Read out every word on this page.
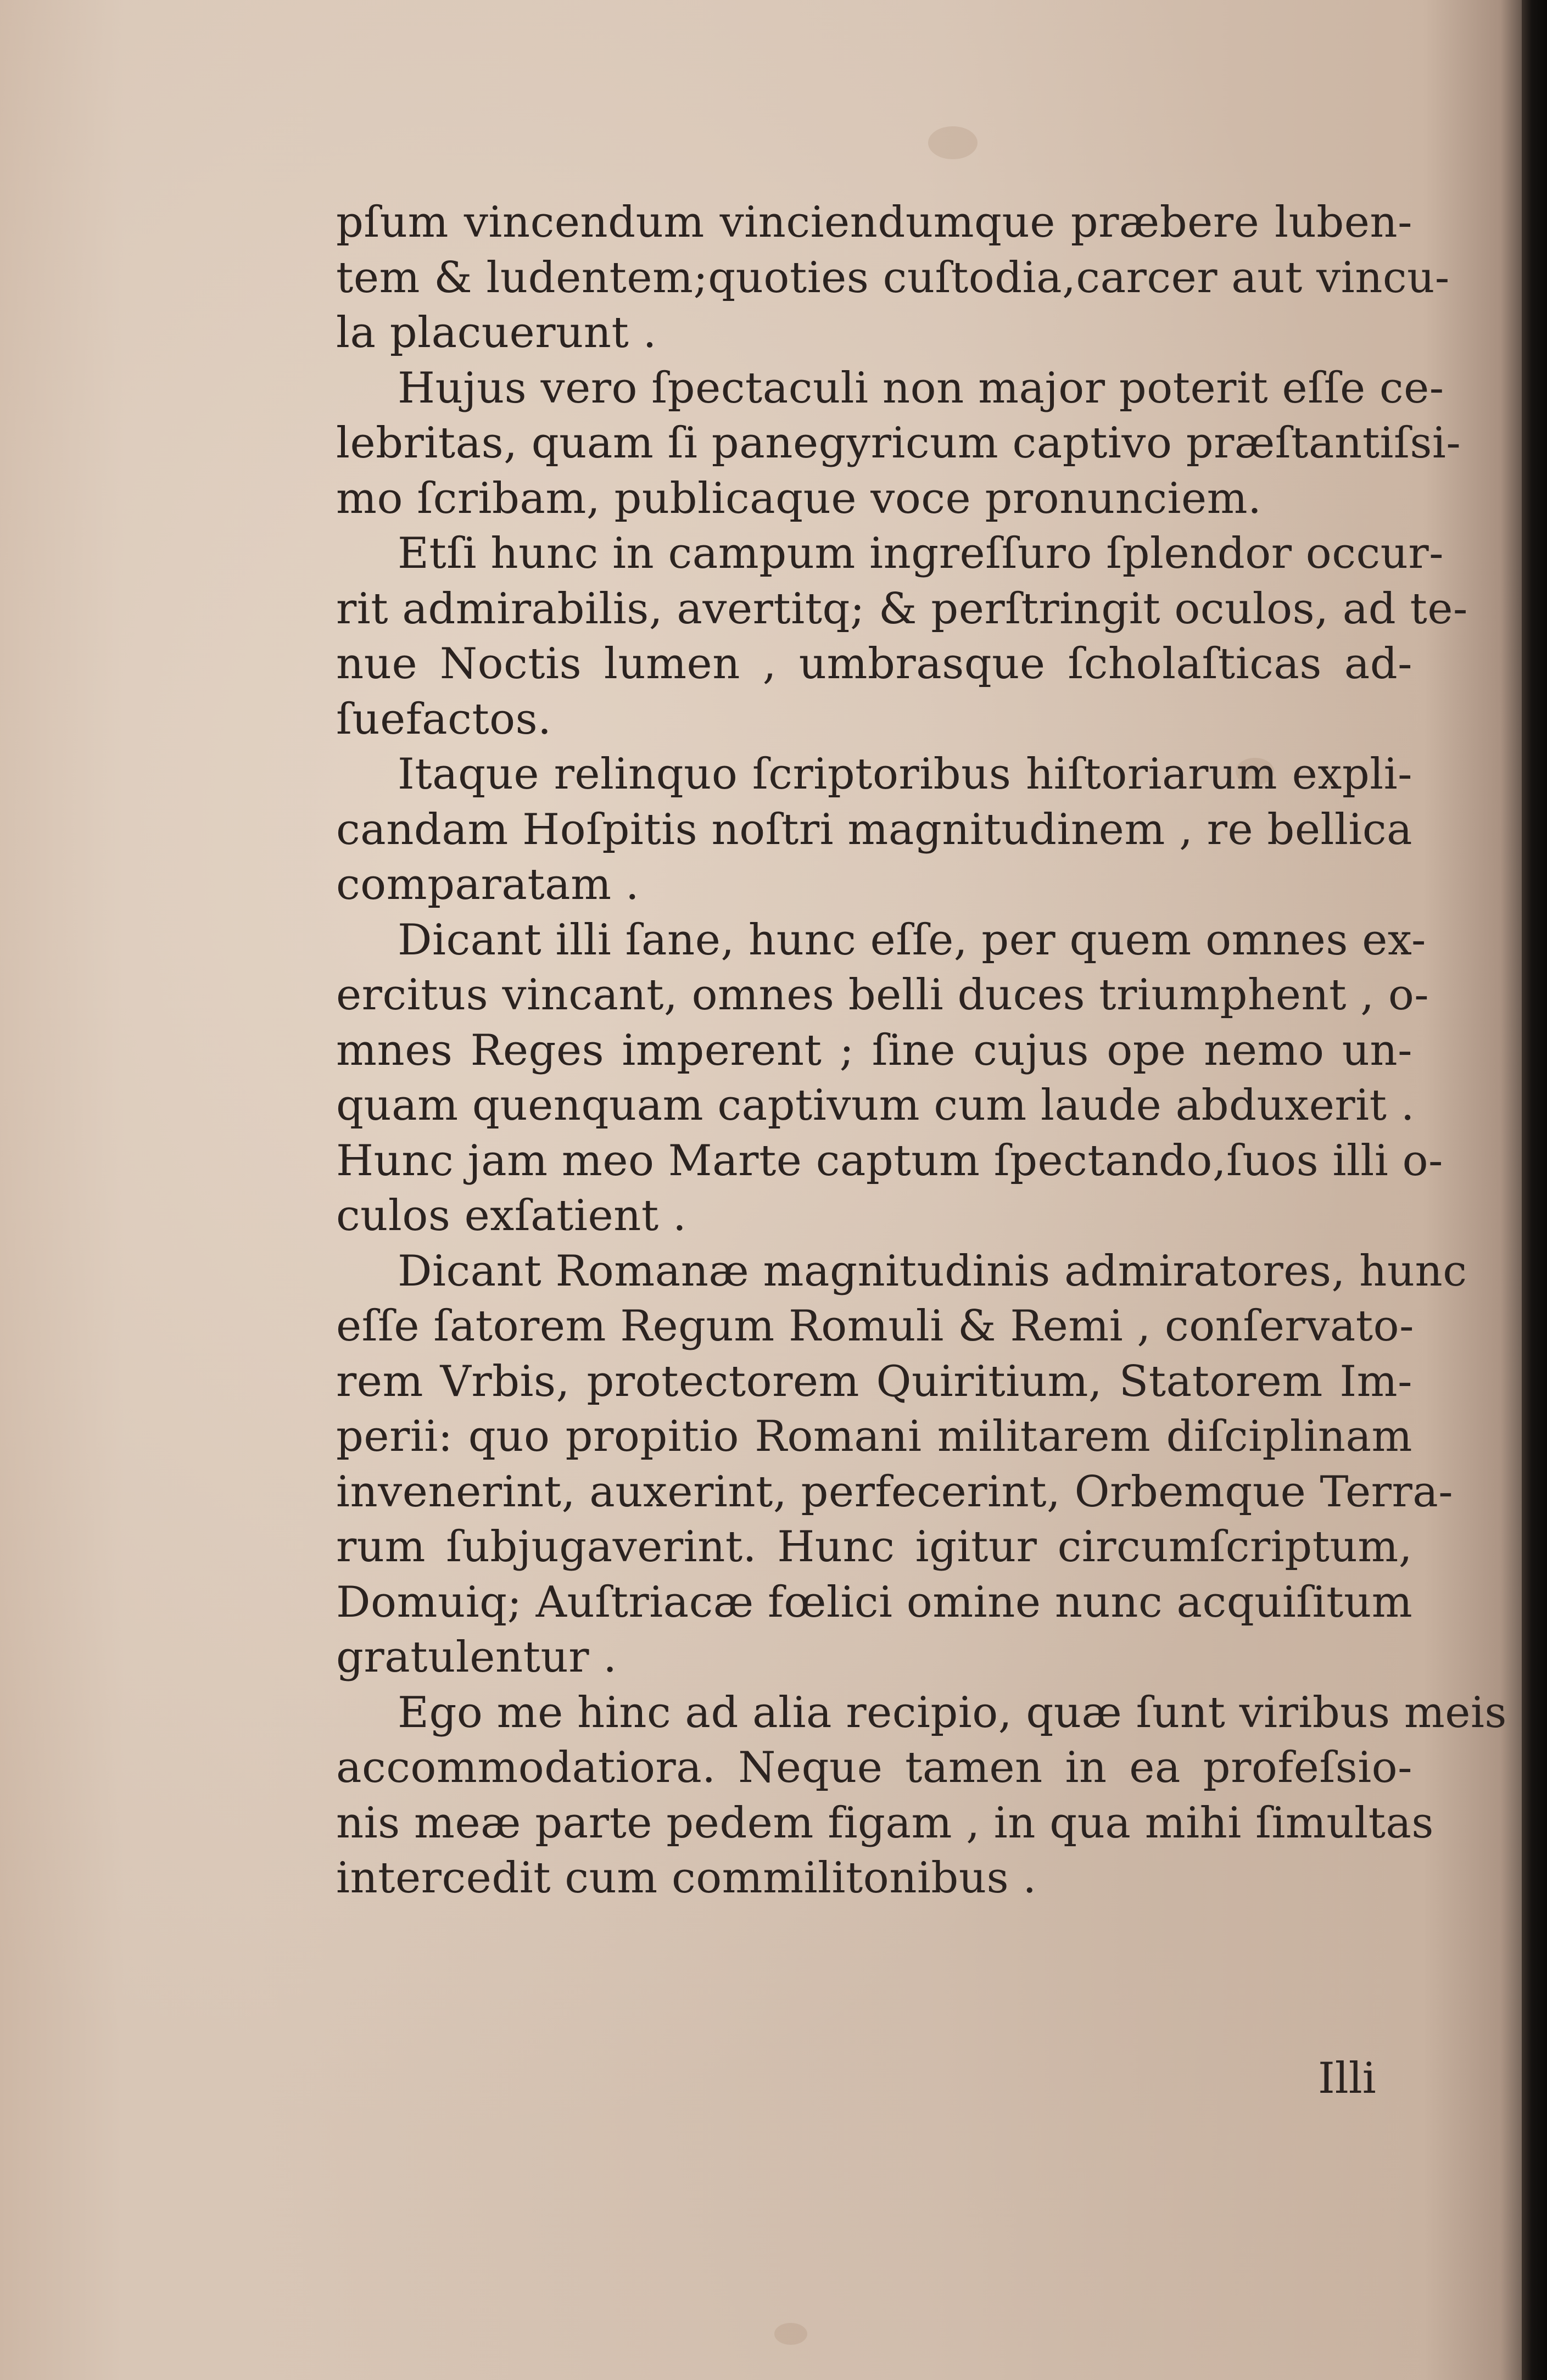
pſum vincendum vinciendumque præbere luben-
tem & ludentem;quoties cuſtodia,carcer aut vincu-
la placuerunt .
Hujus vero ſpectaculi non major poterit eſſe ce-
lebritas, quam ſi panegyricum captivo præſtantiſsi-
mo ſcribam, publicaque voce pronunciem.
Etſi hunc in campum ingreſſuro ſplendor occur-
rit admirabilis, avertitq; & perſtringit oculos, ad te-
nue Noctis lumen , umbrasque ſcholaſticas ad-
ſuefactos.
Itaque relinquo ſcriptoribus hiſtoriarum expli-
candam Hoſpitis noſtri magnitudinem , re bellica
comparatam .
Dicant illi ſane, hunc eſſe, per quem omnes ex-
ercitus vincant, omnes belli duces triumphent , o-
mnes Reges imperent ; ſine cujus ope nemo un-
quam quenquam captivum cum laude abduxerit .
Hunc jam meo Marte captum ſpectando,ſuos illi o-
culos exſatient .
Dicant Romanæ magnitudinis admiratores, hunc
eſſe ſatorem Regum Romuli & Remi , conſervato-
rem Vrbis, protectorem Quiritium, Statorem Im-
perii: quo propitio Romani militarem diſciplinam
invenerint, auxerint, perfecerint, Orbemque Terra-
rum ſubjugaverint. Hunc igitur circumſcriptum,
Domuiq; Auſtriacæ fœlici omine nunc acquiſitum
gratulentur .
Ego me hinc ad alia recipio, quæ ſunt viribus meis
accommodatiora. Neque tamen in ea profeſsio-
nis meæ parte pedem figam , in qua mihi ſimultas
intercedit cum commilitonibus .
Illi
